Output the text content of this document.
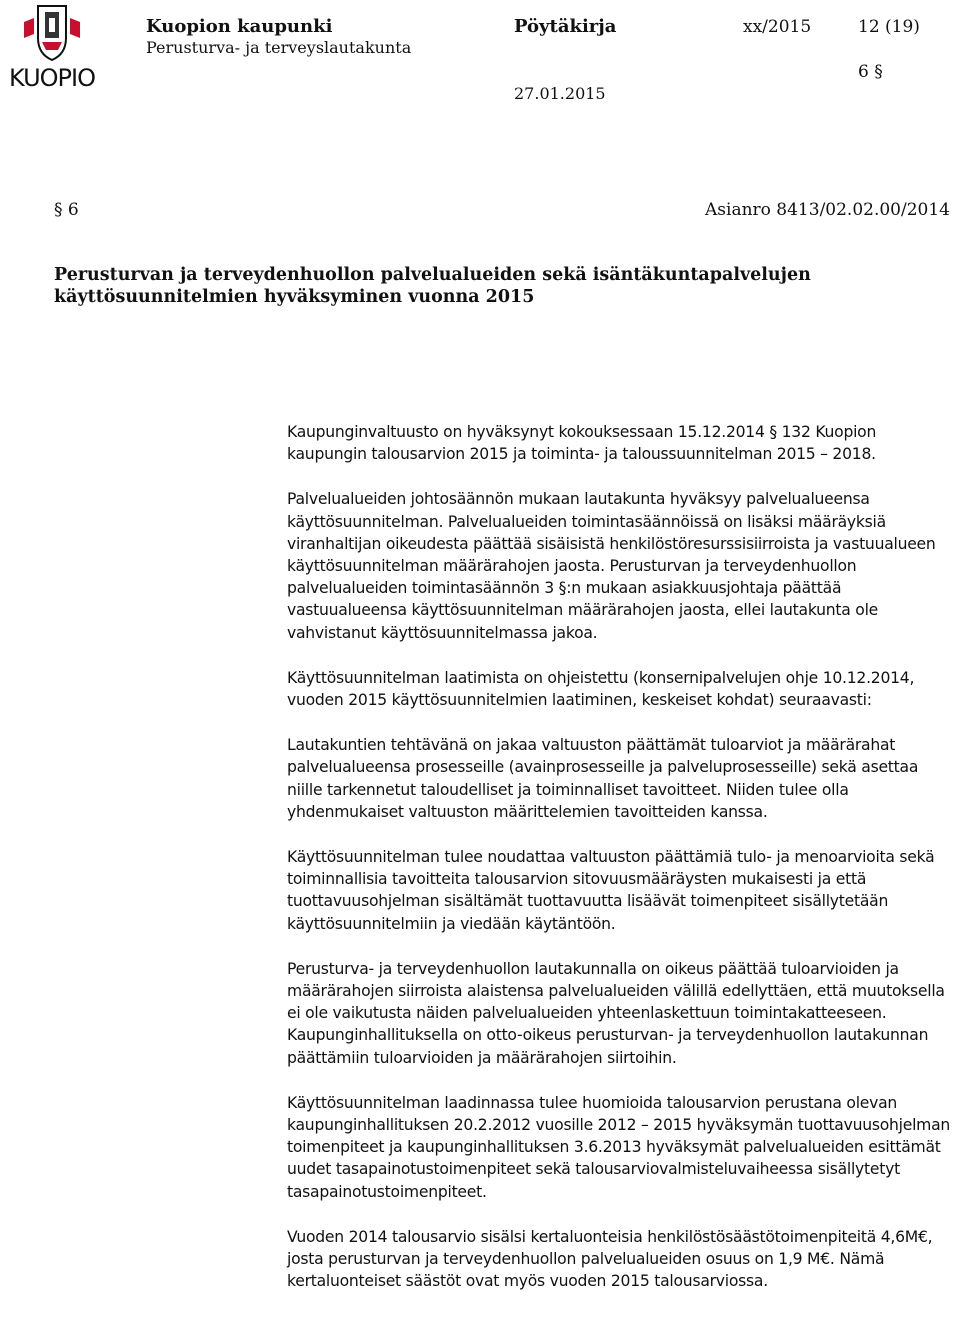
KUOPIO
Kuopion kaupunki
Perusturva- ja terveyslautakunta
Pöytäkirja	xx/2015	12 (19)
6 §
27.01.2015
§ 6	Asianro 8413/02.02.00/2014
Perusturvan ja terveydenhuollon palvelualueiden sekä isäntäkuntapalvelujen käyttösuunnitelmien hyväksyminen vuonna 2015

Kaupunginvaltuusto on hyväksynyt kokouksessaan 15.12.2014 § 132 Kuopion kaupungin talousarvion 2015 ja toiminta- ja taloussuunnitelman 2015 – 2018.

Palvelualueiden johtosäännön mukaan lautakunta hyväksyy palvelualueensa käyttösuunnitelman. Palvelualueiden toimintasäännöissä on lisäksi määräyksiä viranhaltijan oikeudesta päättää sisäisistä henkilöstöresurssisiirroista ja vastuualueen käyttösuunnitelman määrärahojen jaosta. Perusturvan ja terveydenhuollon palvelualueiden toimintasäännön 3 §:n mukaan asiakkuusjohtaja päättää vastuualueensa käyttösuunnitelman määrärahojen jaosta, ellei lautakunta ole vahvistanut käyttösuunnitelmassa jakoa.

Käyttösuunnitelman laatimista on ohjeistettu (konsernipalvelujen ohje 10.12.2014, vuoden 2015 käyttösuunnitelmien laatiminen, keskeiset kohdat) seuraavasti:

Lautakuntien tehtävänä on jakaa valtuuston päättämät tuloarviot ja määrärahat palvelualueensa prosesseille (avainprosesseille ja palveluprosesseille) sekä asettaa niille tarkennetut taloudelliset ja toiminnalliset tavoitteet. Niiden tulee olla yhdenmukaiset valtuuston määrittelemien tavoitteiden kanssa.

Käyttösuunnitelman tulee noudattaa valtuuston päättämiä tulo- ja menoarvioita sekä toiminnallisia tavoitteita talousarvion sitovuusmääräysten mukaisesti ja että tuottavuusohjelman sisältämät tuottavuutta lisäävät toimenpiteet sisällytetään käyttösuunnitelmiin ja viedään käytäntöön.

Perusturva- ja terveydenhuollon lautakunnalla on oikeus päättää tuloarvioiden ja määrärahojen siirroista alaistensa palvelualueiden välillä edellyttäen, että muutoksella ei ole vaikutusta näiden palvelualueiden yhteenlaskettuun toimintakatteeseen. Kaupunginhallituksella on otto-oikeus perusturvan- ja terveydenhuollon lautakunnan päättämiin tuloarvioiden ja määrärahojen siirtoihin.

Käyttösuunnitelman laadinnassa tulee huomioida talousarvion perustana olevan kaupunginhallituksen 20.2.2012 vuosille 2012 – 2015 hyväksymän tuottavuusohjelman toimenpiteet ja kaupunginhallituksen 3.6.2013 hyväksymät palvelualueiden esittämät uudet tasapainotustoimenpiteet sekä talousarviovalmisteluvaiheessa sisällytetyt tasapainotustoimenpiteet.

Vuoden 2014 talousarvio sisälsi kertaluonteisia henkilöstösäästötoimenpiteitä 4,6M€, josta perusturvan ja terveydenhuollon palvelualueiden osuus on 1,9 M€. Nämä kertaluonteiset säästöt ovat myös vuoden 2015 talousarviossa.
